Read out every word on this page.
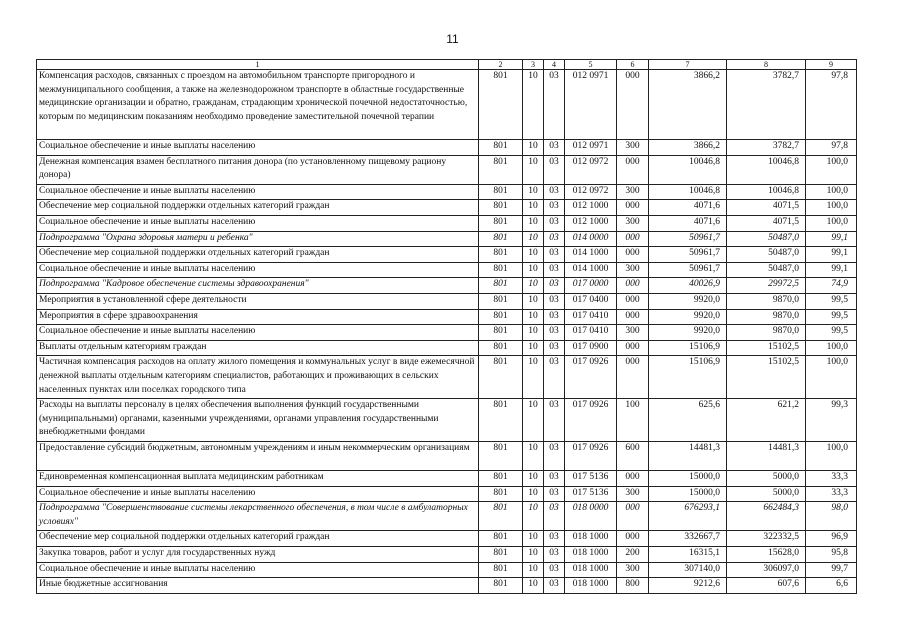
11
1	2	3	4	5	6	7	8	9
Компенсация расходов, связанных с проездом на автомобильном транспорте пригородного и межмуниципального сообщения, а также на железнодорожном транспорте в областные государственные медицинские организации и обратно, гражданам, страдающим хронической почечной недостаточностью, которым по медицинским показаниям необходимо проведение заместительной почечной терапии	801	10	03	012 0971	000	3866,2	3782,7	97,8
Социальное обеспечение и иные выплаты населению	801	10	03	012 0971	300	3866,2	3782,7	97,8
Денежная компенсация взамен бесплатного питания донора (по установленному пищевому рациону донора)	801	10	03	012 0972	000	10046,8	10046,8	100,0
Социальное обеспечение и иные выплаты населению	801	10	03	012 0972	300	10046,8	10046,8	100,0
Обеспечение мер социальной поддержки отдельных категорий граждан	801	10	03	012 1000	000	4071,6	4071,5	100,0
Социальное обеспечение и иные выплаты населению	801	10	03	012 1000	300	4071,6	4071,5	100,0
Подпрограмма "Охрана здоровья матери и ребенка"	801	10	03	014 0000	000	50961,7	50487,0	99,1
Обеспечение мер социальной поддержки отдельных категорий граждан	801	10	03	014 1000	000	50961,7	50487,0	99,1
Социальное обеспечение и иные выплаты населению	801	10	03	014 1000	300	50961,7	50487,0	99,1
Подпрограмма "Кадровое обеспечение системы здравоохранения"	801	10	03	017 0000	000	40026,9	29972,5	74,9
Мероприятия в установленной сфере деятельности	801	10	03	017 0400	000	9920,0	9870,0	99,5
Мероприятия в сфере здравоохранения	801	10	03	017 0410	000	9920,0	9870,0	99,5
Социальное обеспечение и иные выплаты населению	801	10	03	017 0410	300	9920,0	9870,0	99,5
Выплаты отдельным категориям граждан	801	10	03	017 0900	000	15106,9	15102,5	100,0
Частичная компенсация расходов на оплату жилого помещения и коммунальных услуг в виде ежемесячной денежной выплаты отдельным категориям специалистов, работающих и проживающих в сельских населенных пунктах или поселках городского типа	801	10	03	017 0926	000	15106,9	15102,5	100,0
Расходы на выплаты персоналу в целях обеспечения выполнения функций государственными (муниципальными) органами, казенными учреждениями, органами управления государственными внебюджетными фондами	801	10	03	017 0926	100	625,6	621,2	99,3
Предоставление субсидий бюджетным, автономным учреждениям и иным некоммерческим организациям	801	10	03	017 0926	600	14481,3	14481,3	100,0
Единовременная компенсационная выплата медицинским работникам	801	10	03	017 5136	000	15000,0	5000,0	33,3
Социальное обеспечение и иные выплаты населению	801	10	03	017 5136	300	15000,0	5000,0	33,3
Подпрограмма "Совершенствование системы лекарственного обеспечения, в том числе в амбулаторных условиях"	801	10	03	018 0000	000	676293,1	662484,3	98,0
Обеспечение мер социальной поддержки отдельных категорий граждан	801	10	03	018 1000	000	332667,7	322332,5	96,9
Закупка товаров, работ и услуг для государственных нужд	801	10	03	018 1000	200	16315,1	15628,0	95,8
Социальное обеспечение и иные выплаты населению	801	10	03	018 1000	300	307140,0	306097,0	99,7
Иные бюджетные ассигнования	801	10	03	018 1000	800	9212,6	607,6	6,6
